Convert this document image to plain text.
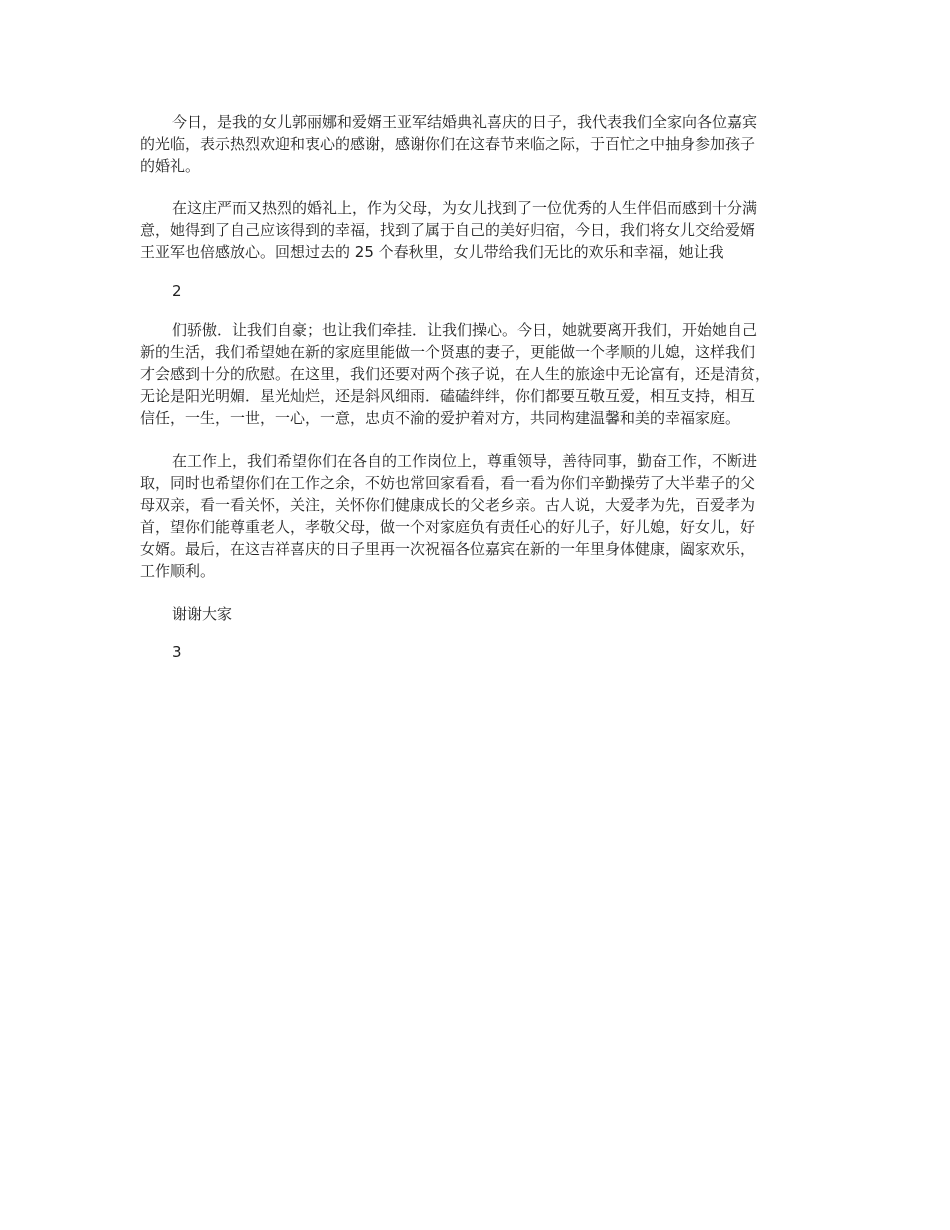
今日，是我的女儿郭丽娜和爱婿王亚军结婚典礼喜庆的日子，我代表我们全家向各位嘉宾
的光临，表示热烈欢迎和衷心的感谢，感谢你们在这春节来临之际，于百忙之中抽身参加孩子
的婚礼。
在这庄严而又热烈的婚礼上，作为父母，为女儿找到了一位优秀的人生伴侣而感到十分满
意，她得到了自己应该得到的幸福，找到了属于自己的美好归宿，今日，我们将女儿交给爱婿
王亚军也倍感放心。回想过去的 25 个春秋里，女儿带给我们无比的欢乐和幸福，她让我
2
们骄傲．让我们自豪；也让我们牵挂．让我们操心。今日，她就要离开我们，开始她自己
新的生活，我们希望她在新的家庭里能做一个贤惠的妻子，更能做一个孝顺的儿媳，这样我们
才会感到十分的欣慰。在这里，我们还要对两个孩子说，在人生的旅途中无论富有，还是清贫，
无论是阳光明媚．星光灿烂，还是斜风细雨．磕磕绊绊，你们都要互敬互爱，相互支持，相互
信任，一生，一世，一心，一意，忠贞不渝的爱护着对方，共同构建温馨和美的幸福家庭。
在工作上，我们希望你们在各自的工作岗位上，尊重领导，善待同事，勤奋工作，不断进
取，同时也希望你们在工作之余，不妨也常回家看看，看一看为你们辛勤操劳了大半辈子的父
母双亲，看一看关怀，关注，关怀你们健康成长的父老乡亲。古人说，大爱孝为先，百爱孝为
首，望你们能尊重老人，孝敬父母，做一个对家庭负有责任心的好儿子，好儿媳，好女儿，好
女婿。最后，在这吉祥喜庆的日子里再一次祝福各位嘉宾在新的一年里身体健康，阖家欢乐，
工作顺利。
谢谢大家
3
